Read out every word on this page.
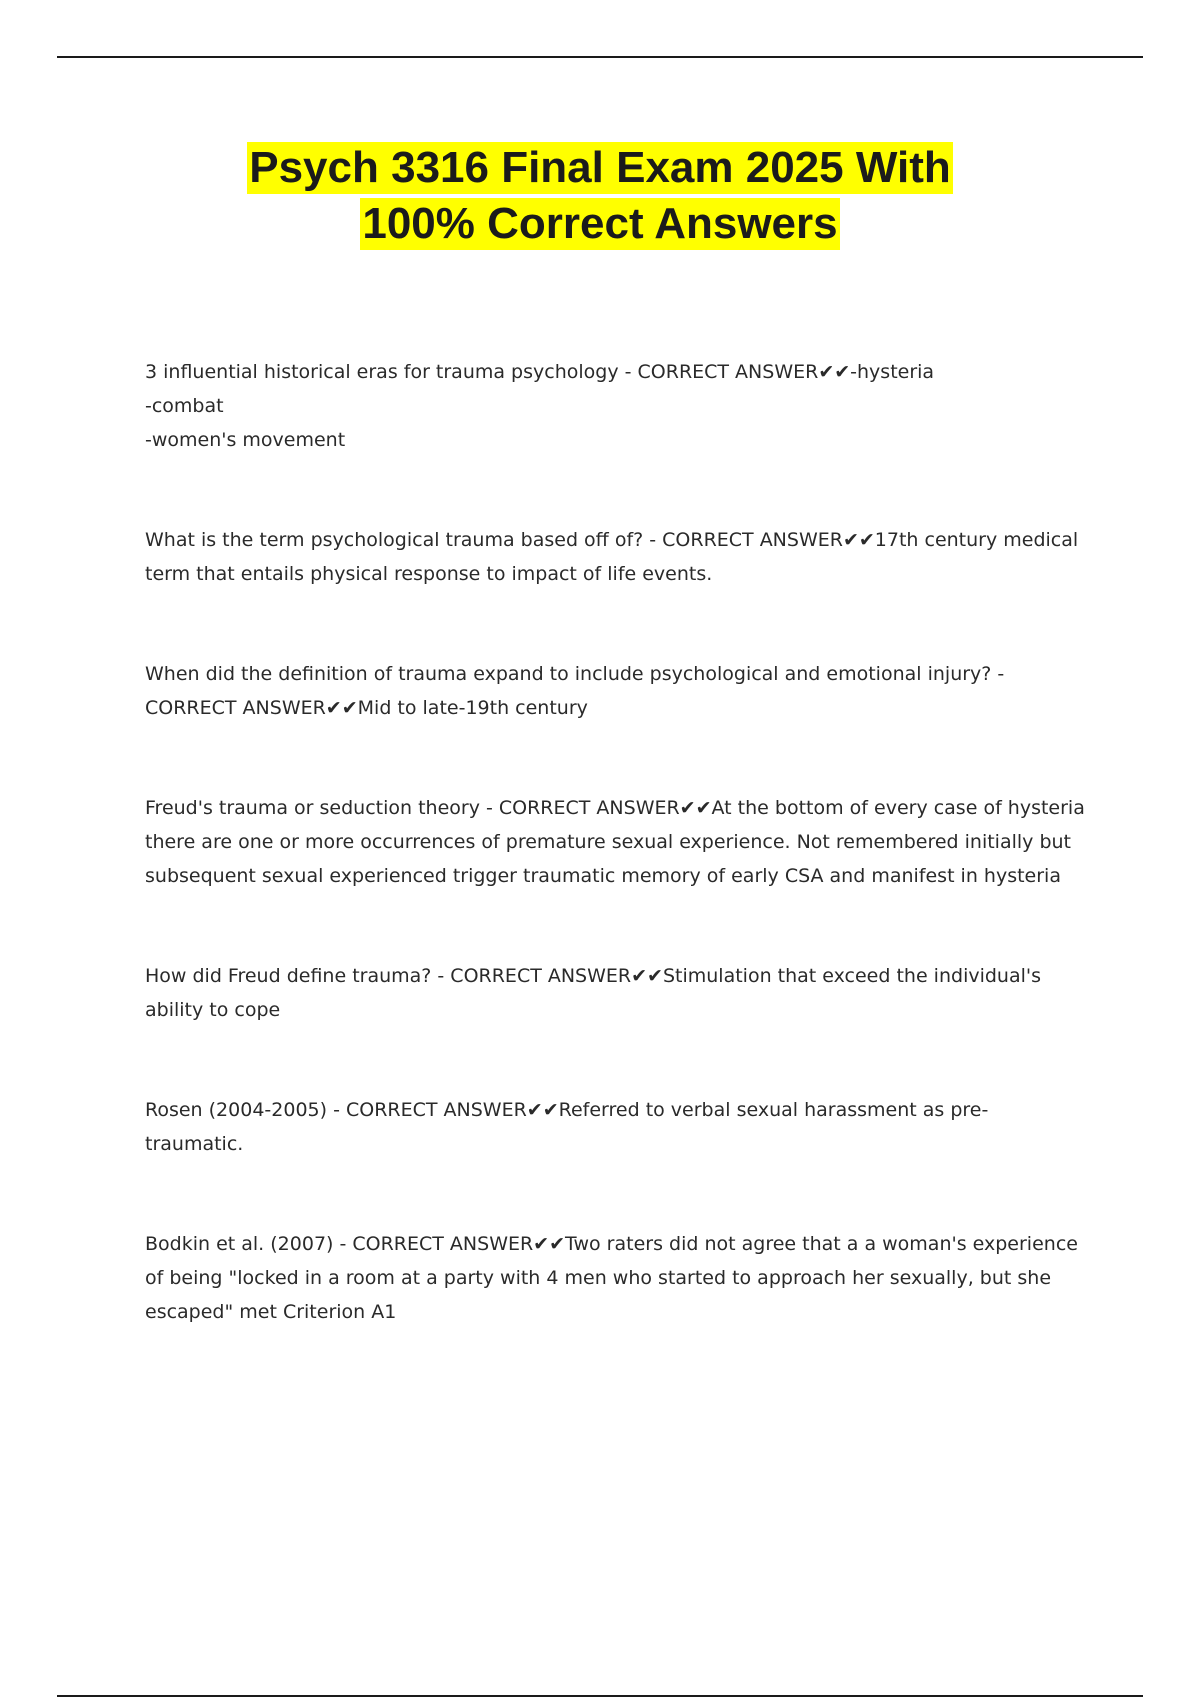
Psych 3316 Final Exam 2025 With
100% Correct Answers

3 influential historical eras for trauma psychology - CORRECT ANSWER✔✔-hysteria

-combat

-women's movement

What is the term psychological trauma based off of? - CORRECT ANSWER✔✔17th century medical term that entails physical response to impact of life events.

When did the definition of trauma expand to include psychological and emotional injury? - CORRECT ANSWER✔✔Mid to late-19th century

Freud's trauma or seduction theory - CORRECT ANSWER✔✔At the bottom of every case of hysteria there are one or more occurrences of premature sexual experience. Not remembered initially but subsequent sexual experienced trigger traumatic memory of early CSA and manifest in hysteria

How did Freud define trauma? - CORRECT ANSWER✔✔Stimulation that exceed the individual's ability to cope

Rosen (2004-2005) - CORRECT ANSWER✔✔Referred to verbal sexual harassment as pre-traumatic.

Bodkin et al. (2007) - CORRECT ANSWER✔✔Two raters did not agree that a a woman's experience of being "locked in a room at a party with 4 men who started to approach her sexually, but she escaped" met Criterion A1
